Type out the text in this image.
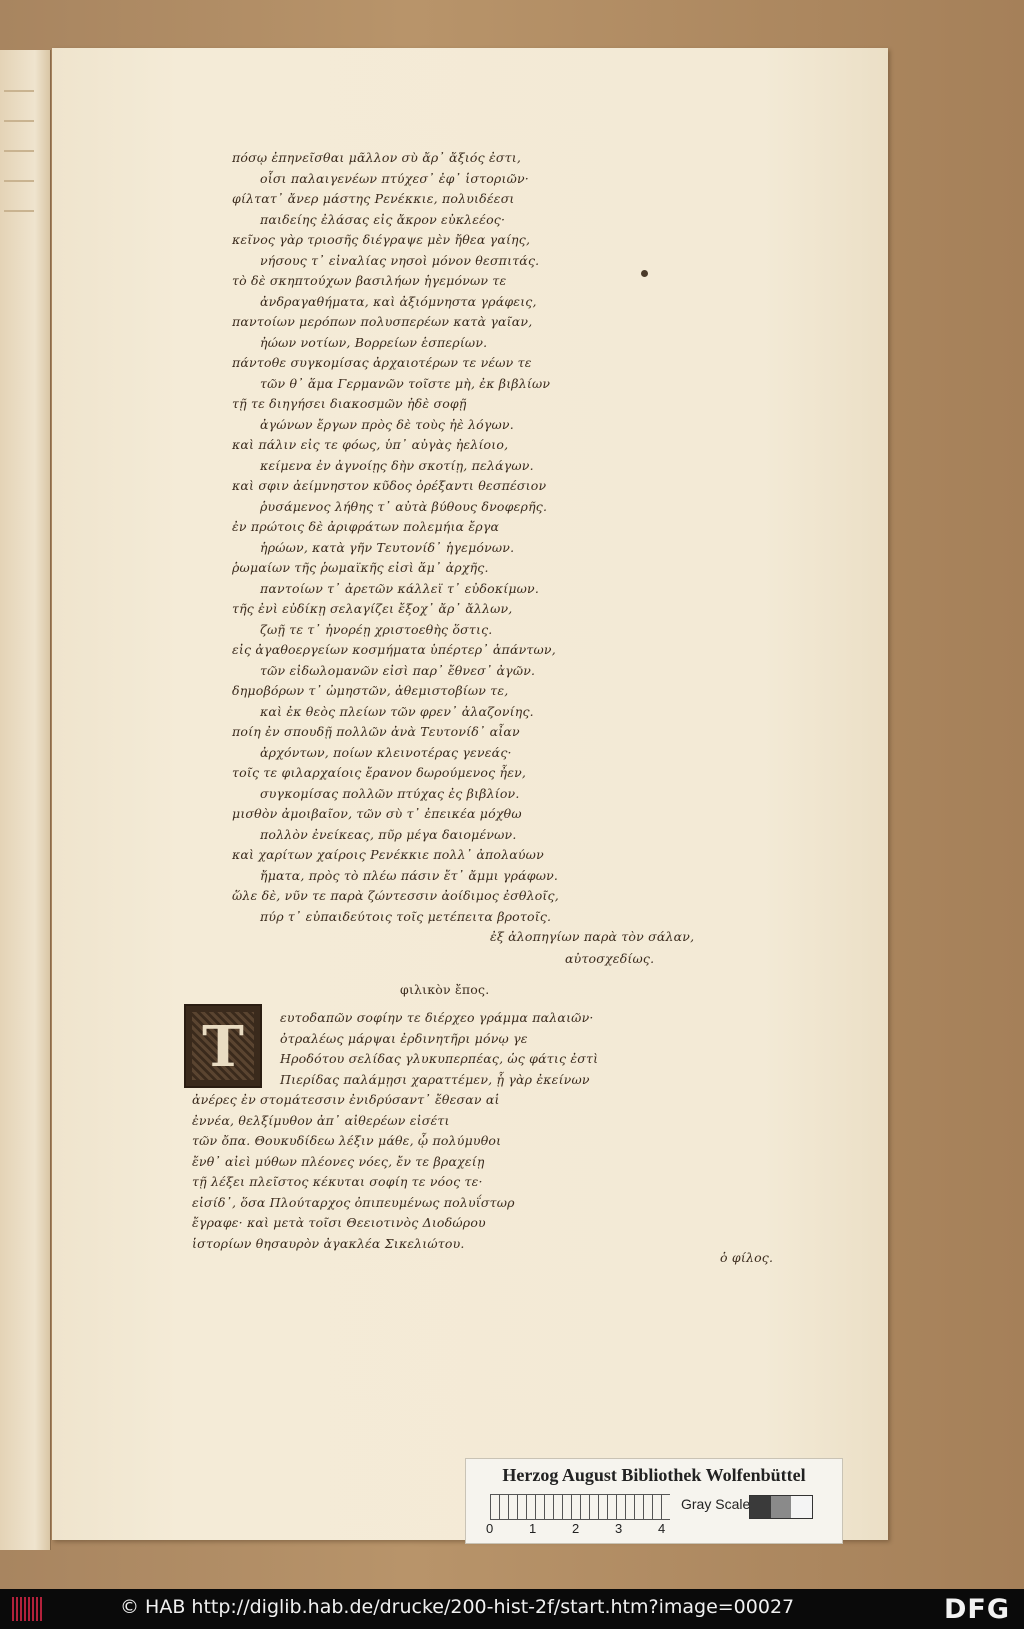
πόσῳ ἐπηνεῖσθαι μᾶλλον σὺ ἄρ᾽ ἄξιός ἐστι,
οἷσι παλαιγενέων πτύχεσ᾽ ἐφ᾽ ἱστοριῶν·
φίλτατ᾽ ἄνερ μάστης Ρενέκκιε, πολυιδέεσι
παιδείης ἐλάσας εἰς ἄκρον εὐκλεέος·
κεῖνος γὰρ τριοσῆς διέγραψε μὲν ἤθεα γαίης,
νήσους τ᾽ εἰναλίας νησοὶ μόνον θεσπιτάς.
τὸ δὲ σκηπτούχων βασιλήων ἡγεμόνων τε
ἀνδραγαθήματα, καὶ ἀξιόμνηστα γράφεις,
παντοίων μερόπων πολυσπερέων κατὰ γαῖαν,
ἠώων νοτίων, Βορρείων ἑσπερίων.
πάντοθε συγκομίσας ἀρχαιοτέρων τε νέων τε
τῶν θ᾽ ἅμα Γερμανῶν τοῖστε μὴ, ἐκ βιβλίων
τῇ τε διηγήσει διακοσμῶν ἠδὲ σοφῇ
ἀγώνων ἔργων πρὸς δὲ τοὺς ἠὲ λόγων.
καὶ πάλιν εἰς τε φόως, ὑπ᾽ αὐγὰς ἠελίοιο,
κείμενα ἐν ἀγνοίῃς δὴν σκοτίῃ, πελάγων.
καὶ σφιν ἀείμνηστον κῦδος ὀρέξαντι θεσπέσιον
ῥυσάμενος λήθης τ᾽ αὐτὰ βύθους δνοφερῆς.
ἐν πρώτοις δὲ ἀριφράτων πολεμήια ἔργα
ἡρώων, κατὰ γῆν Τευτονίδ᾽ ἡγεμόνων.
ῥωμαίων τῆς ῥωμαϊκῆς εἰσὶ ἅμ᾽ ἀρχῆς.
παντοίων τ᾽ ἀρετῶν κάλλεϊ τ᾽ εὐδοκίμων.
τῆς ἐνὶ εὐδίκῃ σελαγίζει ἔξοχ᾽ ἄρ᾽ ἄλλων,
ζωῇ τε τ᾽ ἠνορέῃ χριστοεθὴς ὅστις.
εἰς ἀγαθοεργείων κοσμήματα ὑπέρτερ᾽ ἁπάντων,
τῶν εἰδωλομανῶν εἰσὶ παρ᾽ ἔθνεσ᾽ ἀγῶν.
δημοβόρων τ᾽ ὠμηστῶν, ἀθεμιστοβίων τε,
καὶ ἐκ θεὸς πλείων τῶν φρεν᾽ ἀλαζονίης.
ποίη ἐν σπουδῇ πολλῶν ἀνὰ Τευτονίδ᾽ αἶαν
ἀρχόντων, ποίων κλεινοτέρας γενεάς·
τοῖς τε φιλαρχαίοις ἔρανον δωρούμενος ἦεν,
συγκομίσας πολλῶν πτύχας ἐς βιβλίον.
μισθὸν ἀμοιβαῖον, τῶν σὺ τ᾽ ἐπεικέα μόχθω
πολλὸν ἐνείκεας, πῦρ μέγα δαιομένων.
καὶ χαρίτων χαίροις Ρενέκκιε πολλ᾽ ἀπολαύων
ἤματα, πρὸς τὸ πλέω πάσιν ἔτ᾽ ἄμμι γράφων.
ὥλε δὲ, νῦν τε παρὰ ζώντεσσιν ἀοίδιμος ἐσθλοῖς,
πύρ τ᾽ εὐπαιδεύτοις τοῖς μετέπειτα βροτοῖς.
ἐξ ἀλοπηγίων παρὰ τὸν σάλαν,
αὐτοσχεδίως.
φιλικὸν ἔπος.
T	ευτοδαπῶν σοφίην τε διέρχεο γράμμα παλαιῶν·
ὀτραλέως μάρψαι ἐρδινητῆρι μόνῳ γε
Ηροδότου σελίδας γλυκυπερπέας, ὡς φάτις ἐστὶ
Πιερίδας παλάμῃσι χαραττέμεν, ᾗ γὰρ ἐκείνων
ἀνέρες ἐν στομάτεσσιν ἐνιδρύσαντ᾽ ἔθεσαν αἱ
ἐννέα, θελξίμυθον ἀπ᾽ αἰθερέων εἰσέτι
τῶν ὄπα. Θουκυδίδεω λέξιν μάθε, ᾧ πολύμυθοι
ἔνθ᾽ αἰεὶ μύθων πλέονες νόες, ἔν τε βραχείῃ
τῇ λέξει πλεῖστος κέκυται σοφίη τε νόος τε·
εἰσίδ᾽, ὅσα Πλούταρχος ὀπιπευμένως πολυΐστωρ
ἔγραφε· καὶ μετὰ τοῖσι Θεειοτινὸς Διοδώρου
ἱστορίων θησαυρὸν ἀγακλέα Σικελιώτου.
ὁ φίλος.
Herzog August Bibliothek Wolfenbüttel
0	1	2	3	4
Gray Scale
© HAB http://diglib.hab.de/drucke/200-hist-2f/start.htm?image=00027	DFG
